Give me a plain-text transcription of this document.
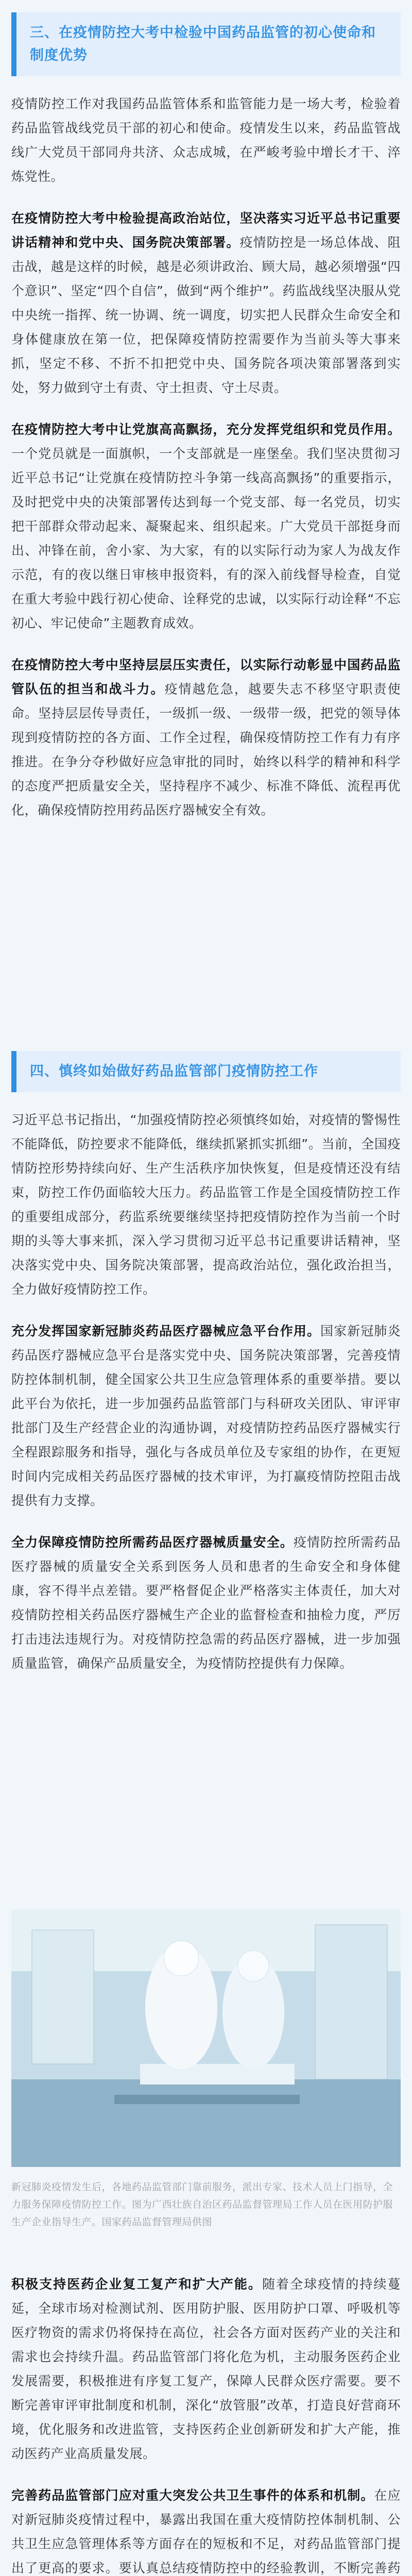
三、在疫情防控大考中检验中国药品监管的初心使命和制度优势

疫情防控工作对我国药品监管体系和监管能力是一场大考，检验着药品监管战线党员干部的初心和使命。疫情发生以来，药品监管战线广大党员干部同舟共济、众志成城，在严峻考验中增长才干、淬炼党性。

在疫情防控大考中检验提高政治站位，坚决落实习近平总书记重要讲话精神和党中央、国务院决策部署。疫情防控是一场总体战、阻击战，越是这样的时候，越是必须讲政治、顾大局，越必须增强“四个意识”、坚定“四个自信”，做到“两个维护”。药监战线坚决服从党中央统一指挥、统一协调、统一调度，切实把人民群众生命安全和身体健康放在第一位，把保障疫情防控需要作为当前头等大事来抓，坚定不移、不折不扣把党中央、国务院各项决策部署落到实处，努力做到守土有责、守土担责、守土尽责。

在疫情防控大考中让党旗高高飘扬，充分发挥党组织和党员作用。一个党员就是一面旗帜，一个支部就是一座堡垒。我们坚决贯彻习近平总书记“让党旗在疫情防控斗争第一线高高飘扬”的重要指示，及时把党中央的决策部署传达到每一个党支部、每一名党员，切实把干部群众带动起来、凝聚起来、组织起来。广大党员干部挺身而出、冲锋在前，舍小家、为大家，有的以实际行动为家人为战友作示范，有的夜以继日审核申报资料，有的深入前线督导检查，自觉在重大考验中践行初心使命、诠释党的忠诚，以实际行动诠释“不忘初心、牢记使命”主题教育成效。

在疫情防控大考中坚持层层压实责任，以实际行动彰显中国药品监管队伍的担当和战斗力。疫情越危急，越要失志不移坚守职责使命。坚持层层传导责任，一级抓一级、一级带一级，把党的领导体现到疫情防控的各方面、工作全过程，确保疫情防控工作有力有序推进。在争分夺秒做好应急审批的同时，始终以科学的精神和科学的态度严把质量安全关，坚持程序不减少、标准不降低、流程再优化，确保疫情防控用药品医疗器械安全有效。

四、慎终如始做好药品监管部门疫情防控工作

习近平总书记指出，“加强疫情防控必须慎终如始，对疫情的警惕性不能降低，防控要求不能降低，继续抓紧抓实抓细”。当前，全国疫情防控形势持续向好、生产生活秩序加快恢复，但是疫情还没有结束，防控工作仍面临较大压力。药品监管工作是全国疫情防控工作的重要组成部分，药监系统要继续坚持把疫情防控作为当前一个时期的头等大事来抓，深入学习贯彻习近平总书记重要讲话精神，坚决落实党中央、国务院决策部署，提高政治站位，强化政治担当，全力做好疫情防控工作。

充分发挥国家新冠肺炎药品医疗器械应急平台作用。国家新冠肺炎药品医疗器械应急平台是落实党中央、国务院决策部署，完善疫情防控体制机制，健全国家公共卫生应急管理体系的重要举措。要以此平台为依托，进一步加强药品监管部门与科研攻关团队、审评审批部门及生产经营企业的沟通协调，对疫情防控药品医疗器械实行全程跟踪服务和指导，强化与各成员单位及专家组的协作，在更短时间内完成相关药品医疗器械的技术审评，为打赢疫情防控阻击战提供有力支撑。

全力保障疫情防控所需药品医疗器械质量安全。疫情防控所需药品医疗器械的质量安全关系到医务人员和患者的生命安全和身体健康，容不得半点差错。要严格督促企业严格落实主体责任，加大对疫情防控相关药品医疗器械生产企业的监督检查和抽检力度，严厉打击违法违规行为。对疫情防控急需的药品医疗器械，进一步加强质量监管，确保产品质量安全，为疫情防控提供有力保障。

新冠肺炎疫情发生后，各地药品监管部门靠前服务，派出专家、技术人员上门指导，全力服务保障疫情防控工作。图为广西壮族自治区药品监督管理局工作人员在医用防护服生产企业指导生产。国家药品监督管理局供图

积极支持医药企业复工复产和扩大产能。随着全球疫情的持续蔓延，全球市场对检测试剂、医用防护服、医用防护口罩、呼吸机等医疗物资的需求仍将保持在高位，社会各方面对医药产业的关注和需求也会持续升温。药品监管部门将化危为机，主动服务医药企业发展需要，积极推进有序复工复产，保障人民群众医疗需要。要不断完善审评审批制度和机制，深化“放管服”改革，打造良好营商环境，优化服务和改进监管，支持医药企业创新研发和扩大产能，推动医药产业高质量发展。

完善药品监管部门应对重大突发公共卫生事件的体系和机制。在应对新冠肺炎疫情过程中，暴露出我国在重大疫情防控体制机制、公共卫生应急管理体系等方面存在的短板和不足，对药品监管部门提出了更高的要求。要认真总结疫情防控中的经验教训，不断完善药
